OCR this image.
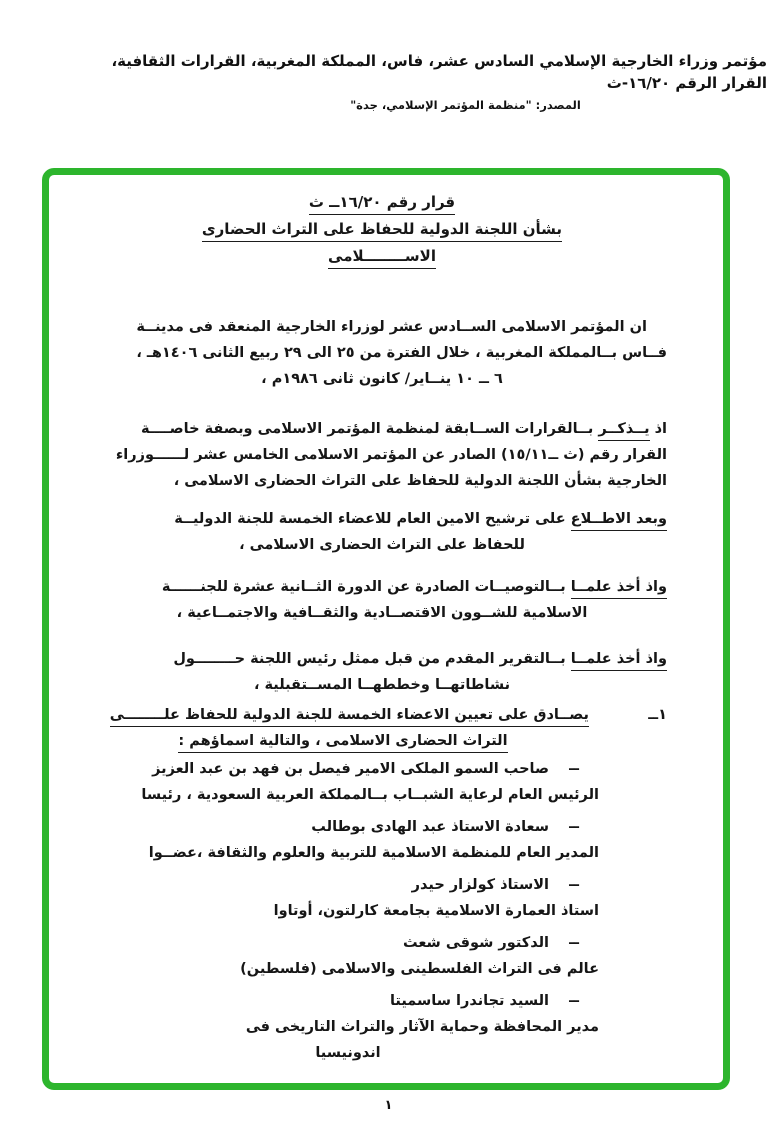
مؤتمر وزراء الخارجية الإسلامي السادس عشر، فاس، المملكة المغربية، القرارات الثقافية، القرار الرقم ١٦/٢٠-ث
المصدر: "منظمة المؤتمر الإسلامي، جدة"
قرار رقم ١٦/٢٠ــ ث
بشأن اللجنة الدولية للحفاظ على التراث الحضارى
الاســــــــلامى
ان المؤتمر الاسلامى الســادس عشر لوزراء الخارجية المنعقد فى مدينــة
فــاس بــالمملكة المغربية ، خلال الفترة من ٢٥ الى ٢٩ ربيع الثانى ١٤٠٦هـ ،
٦ ــ ١٠ ينــاير/ كانون ثانى ١٩٨٦م ،
اذ يــذكــر بــالقرارات الســابقة لمنظمة المؤتمر الاسلامى وبصفة خاصــــة
القرار رقم (ث ــ١٥/١١) الصادر عن المؤتمر الاسلامى الخامس عشر لــــــوزراء
الخارجية بشأن اللجنة الدولية للحفاظ على التراث الحضارى الاسلامى ،
وبعد الاطــلاع على ترشيح الامين العام للاعضاء الخمسة للجنة الدوليــة
للحفاظ على التراث الحضارى الاسلامى ،
واذ أخذ علمــا بــالتوصيــات الصادرة عن الدورة الثــانية عشرة للجنــــــة
الاسلامية للشــوون الاقتصــادية والثقــافية والاجتمــاعية ،
واذ أخذ علمــا بــالتقرير المقدم من قبل ممثل رئيس اللجنة حــــــــول
نشاطاتهــا وخططهــا المســتقبلية ،
١ــ
يصــادق على تعيين الاعضاء الخمسة للجنة الدولية للحفاظ علــــــــى
التراث الحضارى الاسلامى ، والتالية اسماؤهم :
ــ
صاحب السمو الملكى الامير فيصل بن فهد بن عبد العزيز
الرئيس العام لرعاية الشبــاب بــالمملكة العربية السعودية ، رئيسا
ــ
سعادة الاستاذ عبد الهادى بوطالب
المدير العام للمنظمة الاسلامية للتربية والعلوم والثقافة ،عضــوا
ــ
الاستاذ كولزار حيدر
استاذ العمارة الاسلامية بجامعة كارلتون، أوتاوا
ــ
الدكتور شوقى شعث
عالم فى التراث الفلسطينى والاسلامى (فلسطين)
ــ
السيد تجاندرا ساسميتا
مدير المحافظة وحماية الآثار والتراث التاريخى فى
اندونيسيا
١
